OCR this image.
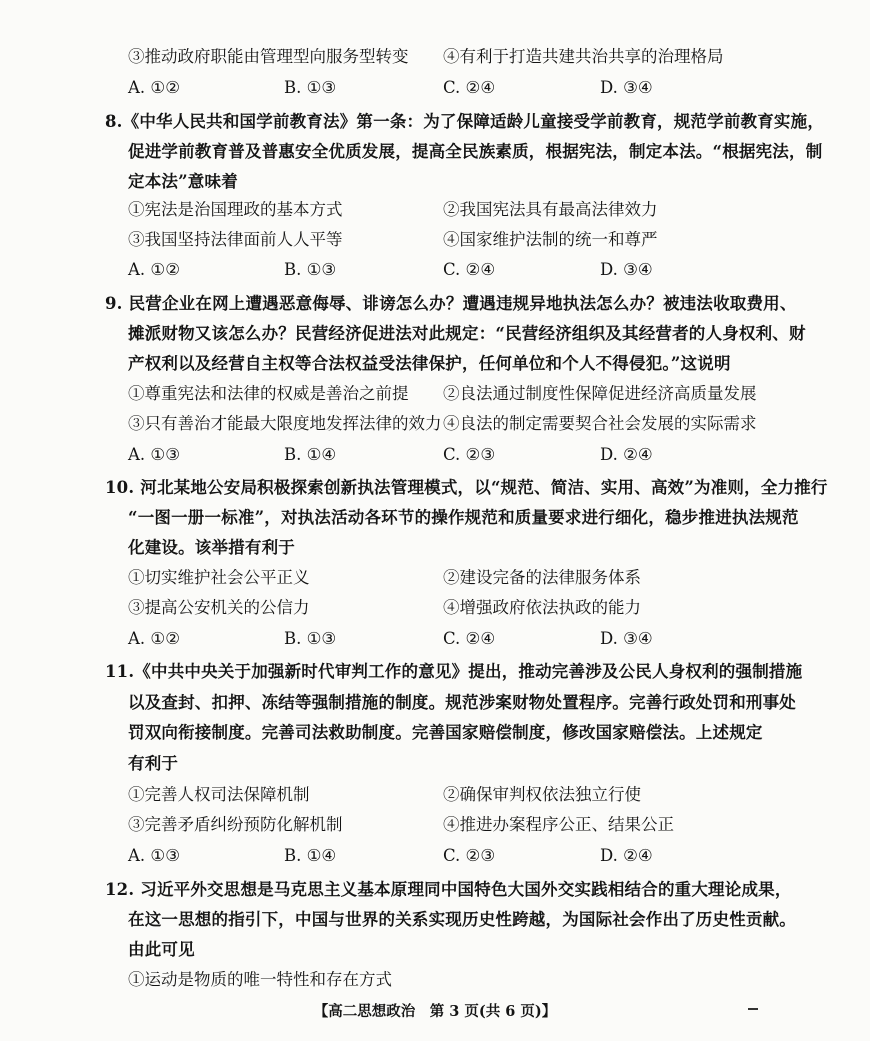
③推动政府职能由管理型向服务型转变 ④有利于打造共建共治共享的治理格局
A. ①②	B. ①③	C. ②④	D. ③④
8.《中华人民共和国学前教育法》第一条：为了保障适龄儿童接受学前教育，规范学前教育实施，
促进学前教育普及普惠安全优质发展，提高全民族素质，根据宪法，制定本法。“根据宪法，制
定本法”意味着
①宪法是治国理政的基本方式	②我国宪法具有最高法律效力
③我国坚持法律面前人人平等	④国家维护法制的统一和尊严
A. ①②	B. ①③	C. ②④	D. ③④
9. 民营企业在网上遭遇恶意侮辱、诽谤怎么办？遭遇违规异地执法怎么办？被违法收取费用、
摊派财物又该怎么办？民营经济促进法对此规定：“民营经济组织及其经营者的人身权利、财
产权利以及经营自主权等合法权益受法律保护，任何单位和个人不得侵犯。”这说明
①尊重宪法和法律的权威是善治之前提 ②良法通过制度性保障促进经济高质量发展
③只有善治才能最大限度地发挥法律的效力 ④良法的制定需要契合社会发展的实际需求
A. ①③	B. ①④	C. ②③	D. ②④
10. 河北某地公安局积极探索创新执法管理模式，以“规范、简洁、实用、高效”为准则，全力推行
“一图一册一标准”，对执法活动各环节的操作规范和质量要求进行细化，稳步推进执法规范
化建设。该举措有利于
①切实维护社会公平正义	②建设完备的法律服务体系
③提高公安机关的公信力	④增强政府依法执政的能力
A. ①②	B. ①③	C. ②④	D. ③④
11.《中共中央关于加强新时代审判工作的意见》提出，推动完善涉及公民人身权利的强制措施
以及查封、扣押、冻结等强制措施的制度。规范涉案财物处置程序。完善行政处罚和刑事处
罚双向衔接制度。完善司法救助制度。完善国家赔偿制度，修改国家赔偿法。上述规定
有利于
①完善人权司法保障机制	②确保审判权依法独立行使
③完善矛盾纠纷预防化解机制	④推进办案程序公正、结果公正
A. ①③	B. ①④	C. ②③	D. ②④
12. 习近平外交思想是马克思主义基本原理同中国特色大国外交实践相结合的重大理论成果，
在这一思想的指引下，中国与世界的关系实现历史性跨越，为国际社会作出了历史性贡献。
由此可见
①运动是物质的唯一特性和存在方式
【高二思想政治　第 3 页(共 6 页)】
